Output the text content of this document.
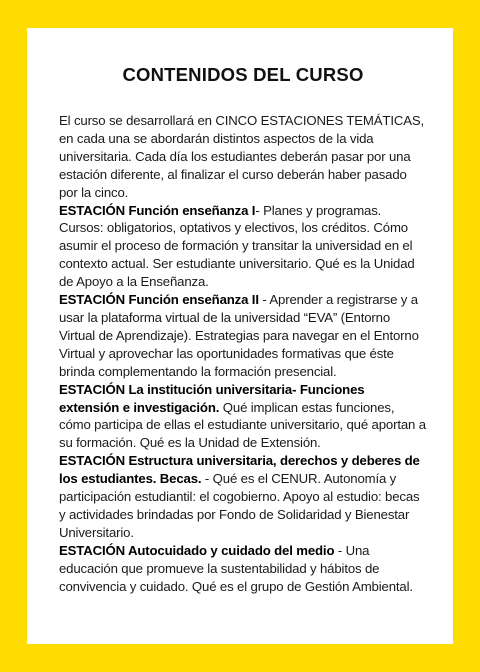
CONTENIDOS DEL CURSO

El curso se desarrollará en CINCO ESTACIONES TEMÁTICAS, en cada una se abordarán distintos aspectos de la vida universitaria. Cada día los estudiantes deberán pasar por una estación diferente, al finalizar el curso deberán haber pasado por la cinco.

ESTACIÓN Función enseñanza I- Planes y programas. Cursos: obligatorios, optativos y electivos, los créditos. Cómo asumir el proceso de formación y transitar la universidad en el contexto actual. Ser estudiante universitario. Qué es la Unidad de Apoyo a la Enseñanza.

ESTACIÓN Función enseñanza II - Aprender a registrarse y a usar la plataforma virtual de la universidad “EVA” (Entorno Virtual de Aprendizaje). Estrategias para navegar en el Entorno Virtual y aprovechar las oportunidades formativas que éste brinda complementando la formación presencial.

ESTACIÓN La institución universitaria- Funciones extensión e investigación. Qué implican estas funciones, cómo participa de ellas el estudiante universitario, qué aportan a su formación. Qué es la Unidad de Extensión.

ESTACIÓN Estructura universitaria, derechos y deberes de los estudiantes. Becas. - Qué es el CENUR. Autonomía y participación estudiantil: el cogobierno. Apoyo al estudio: becas y actividades brindadas por Fondo de Solidaridad y Bienestar Universitario.

ESTACIÓN Autocuidado y cuidado del medio - Una educación que promueve la sustentabilidad y hábitos de convivencia y cuidado. Qué es el grupo de Gestión Ambiental.
